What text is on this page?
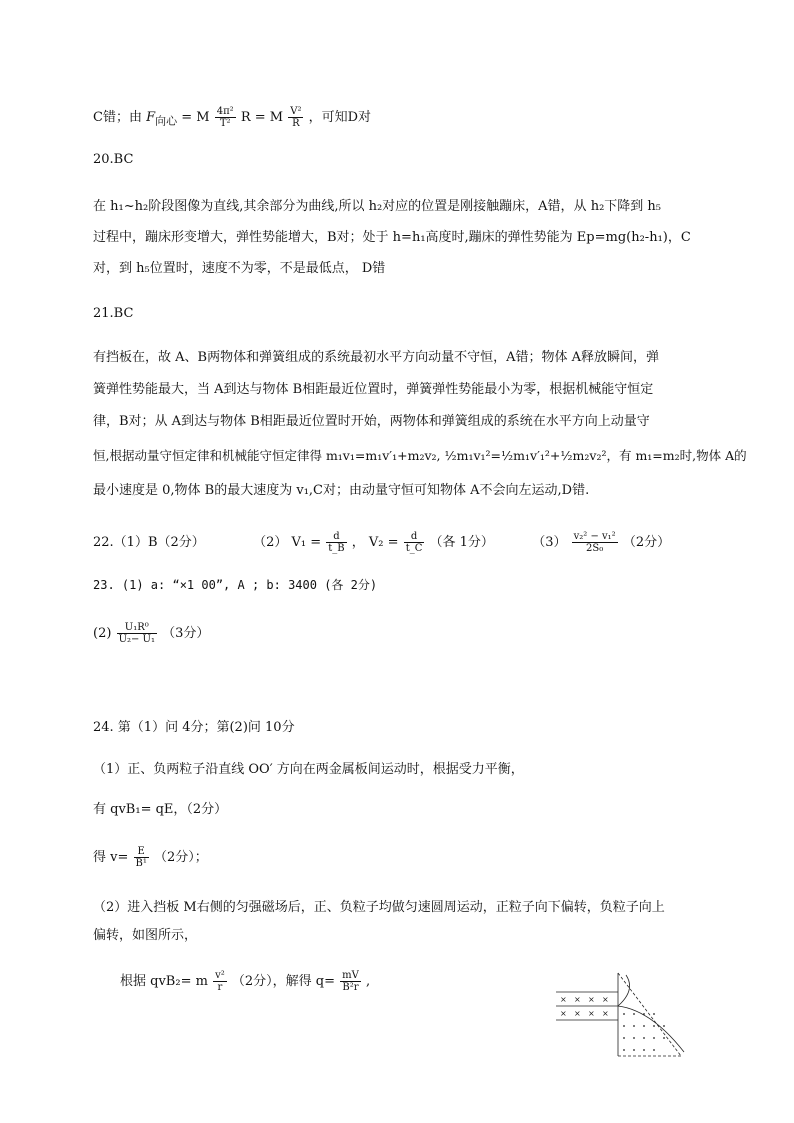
C错；由 $F_{向心} = M \frac{\text{4π²}}{\text{T²}}$ R = M $\frac{\text{V²}}{R}$ ，可知D对
20.BC
在 h₁~h₂阶段图像为直线,其余部分为曲线,所以 h₂对应的位置是刚接触蹦床，A错，从 h₂下降到 h₅
过程中，蹦床形变增大，弹性势能增大，B对；处于 h=h₁高度时,蹦床的弹性势能为 Ep=mg(h₂-h₁)，C
对，到 h₅位置时，速度不为零，不是最低点， D错
21.BC
有挡板在，故 A、B两物体和弹簧组成的系统最初水平方向动量不守恒，A错；物体 A释放瞬间，弹
簧弹性势能最大，当 A到达与物体 B相距最近位置时，弹簧弹性势能最小为零，根据机械能守恒定
律，B对；从 A到达与物体 B相距最近位置时开始，两物体和弹簧组成的系统在水平方向上动量守
恒,根据动量守恒定律和机械能守恒定律得 m₁v₁=m₁v′₁+m₂v₂, ½m₁v₁²=½m₁v′₁²+½m₂v₂²，有 m₁=m₂时,物体 A的
最小速度是 0,物体 B的最大速度为 v₁,C对；由动量守恒可知物体 A不会向左运动,D错.
22.（1）B（2分）	（2） $V_1 = \frac{d}{t\_B}$ ， $V_2 = \frac{d}{t\_C}$ （各 1分）	$(3) \frac{\text{v₂² − v₁²}}{\text{2S₀}} (2$分）
23. (1) a: “×1 00”, A ; b: 3400 (各 2分)
$(2) \frac{\text{U₁R⁰}}{\text{U₂− U₁}} (3$分）
24. 第（1）问 4分；第(2)问 10分
（1）正、负两粒子沿直线 OO′ 方向在两金属板间运动时，根据受力平衡，
有 qvB₁= qE，（2分）
得 $v= \frac{E}{\text{B¹}} (2$分）；
（2）进入挡板 M右侧的匀强磁场后，正、负粒子均做匀速圆周运动，正粒子向下偏转，负粒子向上
偏转，如图所示，
根据 qvB₂= m $\frac{\text{v²}}{r} (2$分），解得 $q= \frac{mV}{\text{B²r}}$ ,
× × × ×
× × × ×
